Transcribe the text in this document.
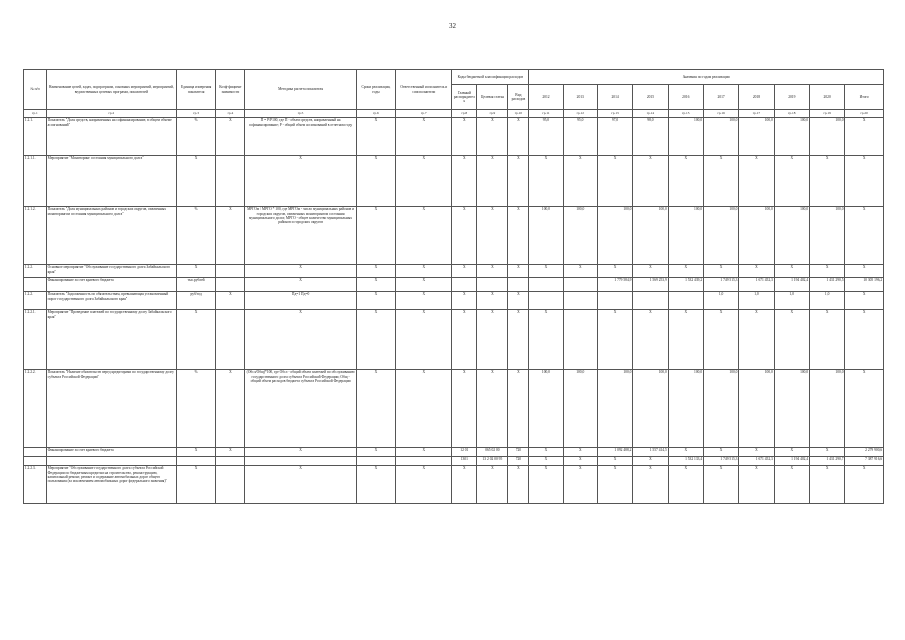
32
№ п/п	Наименование целей, задач, подпрограмм, основных мероприятий, мероприятий, ведомственных целевых программ, показателей	Единица измерения показателя	Коэф-фициент значимости	Методика расчета показателя	Сроки реализации, годы	Ответственный исполнитель и соисполнители	Коды бюджетной классификации расходов			Значения по годам реализации									
							Главный распорядитель	Целевая статья	Вид расходов	2012	2013	2014	2015	2016	2017	2018	2019	2020	Итого
гр.1	гр.2	гр.3	гр.4	гр.5	гр.6	гр.7	гр.8	гр.9	гр.10	гр.11	гр.12	гр.13	гр.14	гр.15	гр.16	гр.17	гр.18	гр.19	гр.20
1.2.1.	Показатель "Доля средств, направленных на софинансирование, в общем объеме ассигнований"	%	Х	П = Р/Р100, где П - объем средств, направленный на софинансирование; Р - общий объем ассигнований в отчетном году	Х	Х	Х	Х	Х	95,0	95,0	97,0	98,0	100,0	100,0	100,0	100,0	100,0	Х
1.2.1.1.	Мероприятие "Мониторинг состояния муниципального долга"	Х		Х	Х	Х	Х	Х	Х	Х	Х	Х	Х	Х	Х	Х	Х	Х	Х
1.2.1.2.	Показатель "Доля муниципальных районов и городских округов, охваченных мониторингом состояния муниципального долга"	%	Х	МРГОм / МРГО * 100, где МРГОм - число муниципальных районов и городских округов, охваченных мониторингом состояния муниципального долга; МРГО - общее количество муниципальных районов и городских округов	Х	Х	Х	Х	Х	100,0	100,0	100,0	100,0	100,0	100,0	100,0	100,0	100,0	Х
1.2.2.	Основное мероприятие "Обслуживание государственного долга Забайкальского края"	Х		Х	Х	Х	Х	Х	Х	Х	Х	Х	Х	Х	Х	Х	Х	Х	Х
	Финансирование за счет краевого бюджета	тыс.рублей		Х	Х	Х						1 779 584,9	1 569 253,9	1 532 439,2	1 749 515,3	1 671 452,3	1 194 402,4	1 431 290,5	10 305 196,2
1.2.2.	Показатель "Задолженность по обязательствам, превышающая установленный порог государственного долга Забайкальского края"	руб/год	Х	Пд=1 Пд=0	Х	Х	Х	Х	Х						1,0	1,0	1,0	1,0	Х
1.2.2.1.	Мероприятие "Проведение платежей по государственному долгу Забайкальского края"	Х		Х	Х	Х	Х	Х	Х	Х		Х	Х	Х	Х	Х	Х	Х	Х
1.2.2.2.	Показатель "Наличие обязательств перед кредиторами по государственному долгу субъекта Российской Федерации"	%	Х	(Обсл/Общ)*100, где Обсл - общий объем платежей по обслуживанию государственного долга субъекта Российской Федерации; Общ - общий объем расходов бюджета субъекта Российской Федерации	Х	Х	Х	Х	Х	100,0	100,0	100,0	100,0	100,0	100,0	100,0	100,0	100,0	Х
	Финансирование за счет краевого бюджета	Х	Х	Х	Х	Х	12 01	065 02 00	720	Х	Х	1 092 488,2	1 557 414,5	Х	Х	Х	Х	Х	2 279 900,6
							1301	13 2 02 00 95	720	Х	Х	Х	Х	1 532 133,4	1 749 515,3	1 671 452,3	1 194 402,4	1 431 290,7	7 387 916,6
1.2.2.3.	Мероприятие "Обслуживание государственного долга субъекта Российской Федерации по бюджетным кредитам на строительство, реконструкцию, капитальный ремонт, ремонт и содержание автомобильных дорог общего пользования (за исключением автомобильных дорог федерального значения)"	Х		Х	Х	Х	Х	Х	Х	Х	Х	Х	Х	Х	Х	Х	Х	Х	Х
